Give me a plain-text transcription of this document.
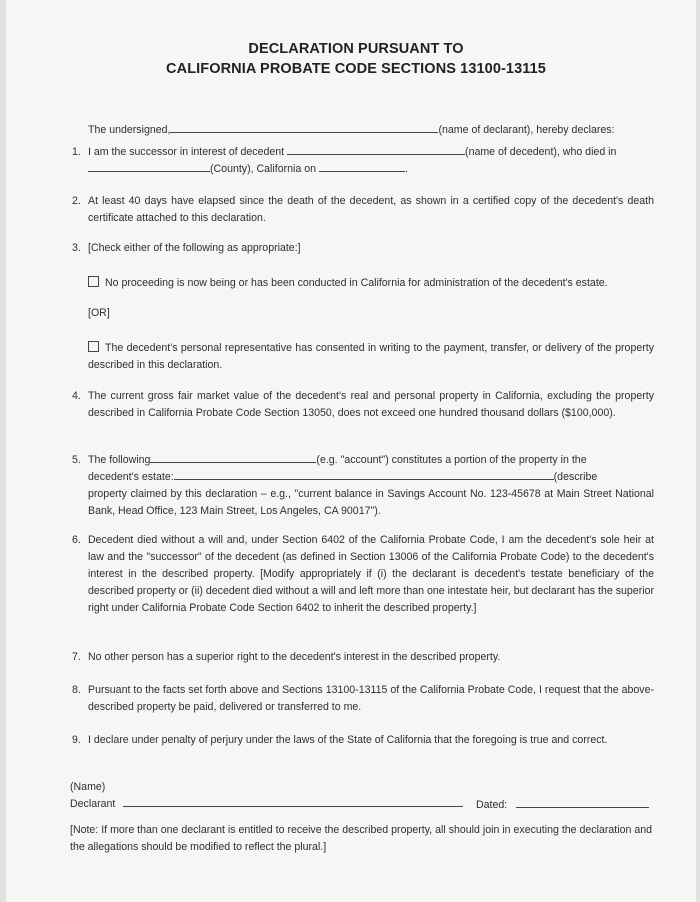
DECLARATION PURSUANT TO
CALIFORNIA PROBATE CODE SECTIONS 13100-13115
The undersigned,	(name of declarant), hereby declares:
1. I am the successor in interest of decedent	(name of decedent), who died in
(County), California on	.
2. At least 40 days have elapsed since the death of the decedent, as shown in a certified copy of the decedent's death certificate attached to this declaration.
3. [Check either of the following as appropriate:]
No proceeding is now being or has been conducted in California for administration of the decedent's estate.
[OR]
The decedent's personal representative has consented in writing to the payment, transfer, or delivery of the property described in this declaration.
4. The current gross fair market value of the decedent's real and personal property in California, excluding the property described in California Probate Code Section 13050, does not exceed one hundred thousand dollars ($100,000).
5. The following	(e.g. "account") constitutes a portion of the property in the
decedent's estate:	(describe
property claimed by this declaration – e.g., "current balance in Savings Account No. 123-45678 at Main Street National Bank, Head Office, 123 Main Street, Los Angeles, CA 90017").
6. Decedent died without a will and, under Section 6402 of the California Probate Code, I am the decedent's sole heir at law and the "successor" of the decedent (as defined in Section 13006 of the California Probate Code) to the decedent's interest in the described property. [Modify appropriately if (i) the declarant is decedent's testate beneficiary of the described property or (ii) decedent died without a will and left more than one intestate heir, but declarant has the superior right under California Probate Code Section 6402 to inherit the described property.]
7. No other person has a superior right to the decedent's interest in the described property.
8. Pursuant to the facts set forth above and Sections 13100-13115 of the California Probate Code, I request that the above-described property be paid, delivered or transferred to me.
9. I declare under penalty of perjury under the laws of the State of California that the foregoing is true and correct.
(Name)
Declarant	Dated:
[Note: If more than one declarant is entitled to receive the described property, all should join in executing the declaration and the allegations should be modified to reflect the plural.]
